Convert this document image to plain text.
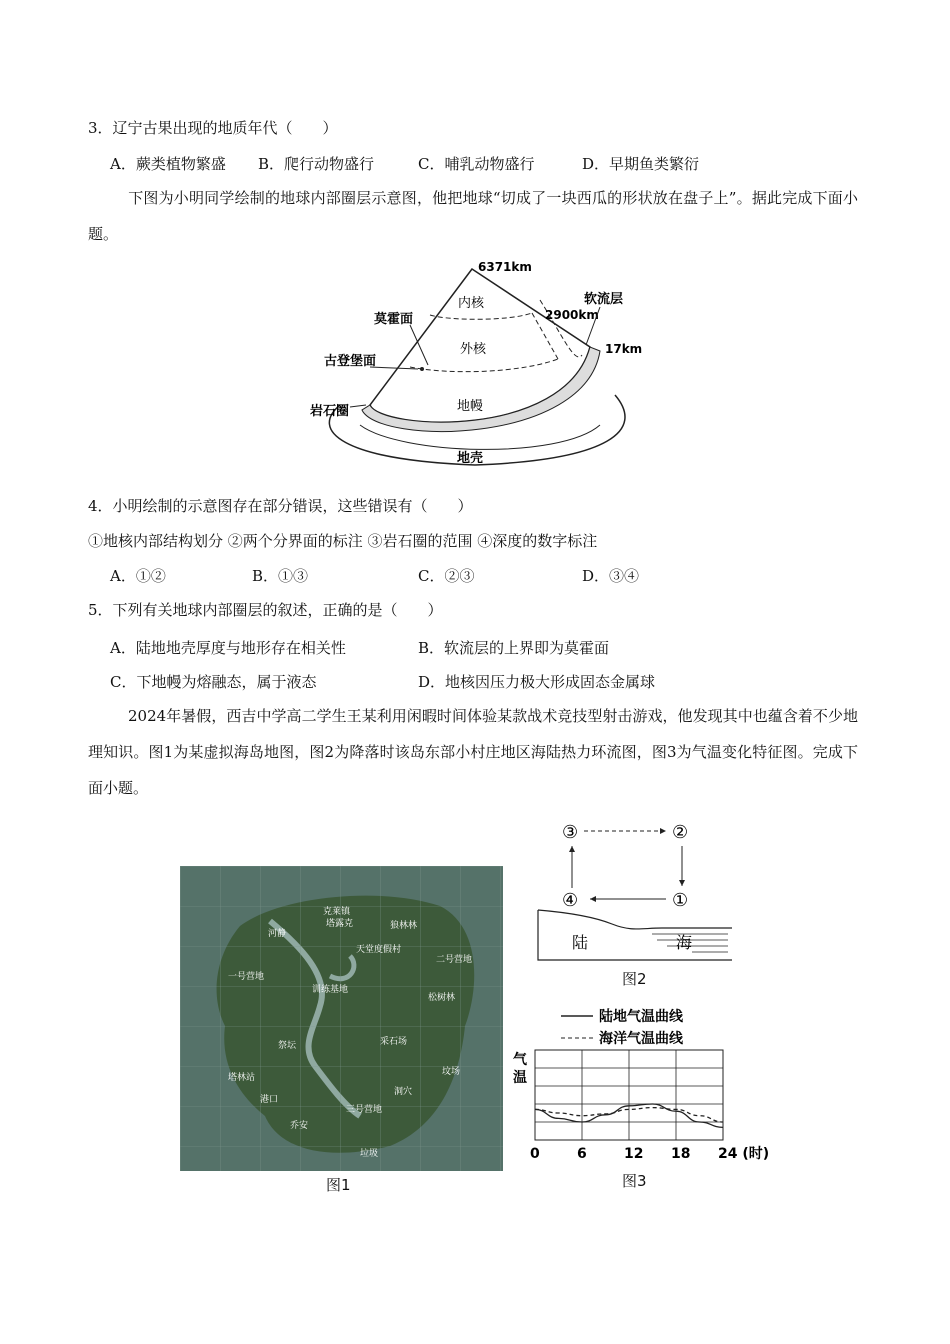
3．辽宁古果出现的地质年代（　　）
A．蕨类植物繁盛 B．爬行动物盛行	C．哺乳动物盛行	D．早期鱼类繁衍
下图为小明同学绘制的地球内部圈层示意图，他把地球“切成了一块西瓜的形状放在盘子上”。据此完成下面小题。
6371km
内核
外核
地幔
地壳
莫霍面
古登堡面
岩石圈
软流层
2900km
17km
4．小明绘制的示意图存在部分错误，这些错误有（　　）
①地核内部结构划分 ②两个分界面的标注 ③岩石圈的范围 ④深度的数字标注
A．①②	B．①③	C．②③	D．③④
5．下列有关地球内部圈层的叙述，正确的是（　　）
A．陆地地壳厚度与地形存在相关性	B．软流层的上界即为莫霍面
C．下地幔为熔融态，属于液态	D．地核因压力极大形成固态金属球
2024年暑假，西吉中学高二学生王某利用闲暇时间体验某款战术竞技型射击游戏，他发现其中也蕴含着不少地理知识。图1为某虚拟海岛地图，图2为降落时该岛东部小村庄地区海陆热力环流图，图3为气温变化特征图。完成下面小题。
克莱镇
塔露克	狼林林
河静
天堂度假村
二号营地
一号营地
训练基地
松树林
祭坛	采石场
塔林站
坟场
港口
洞穴
三号营地
乔安
垃圾
图1
③	②
④	①
陆	海
图2
陆地气温曲线
海洋气温曲线
气温
0	6	12 18 24 (时)
图3
